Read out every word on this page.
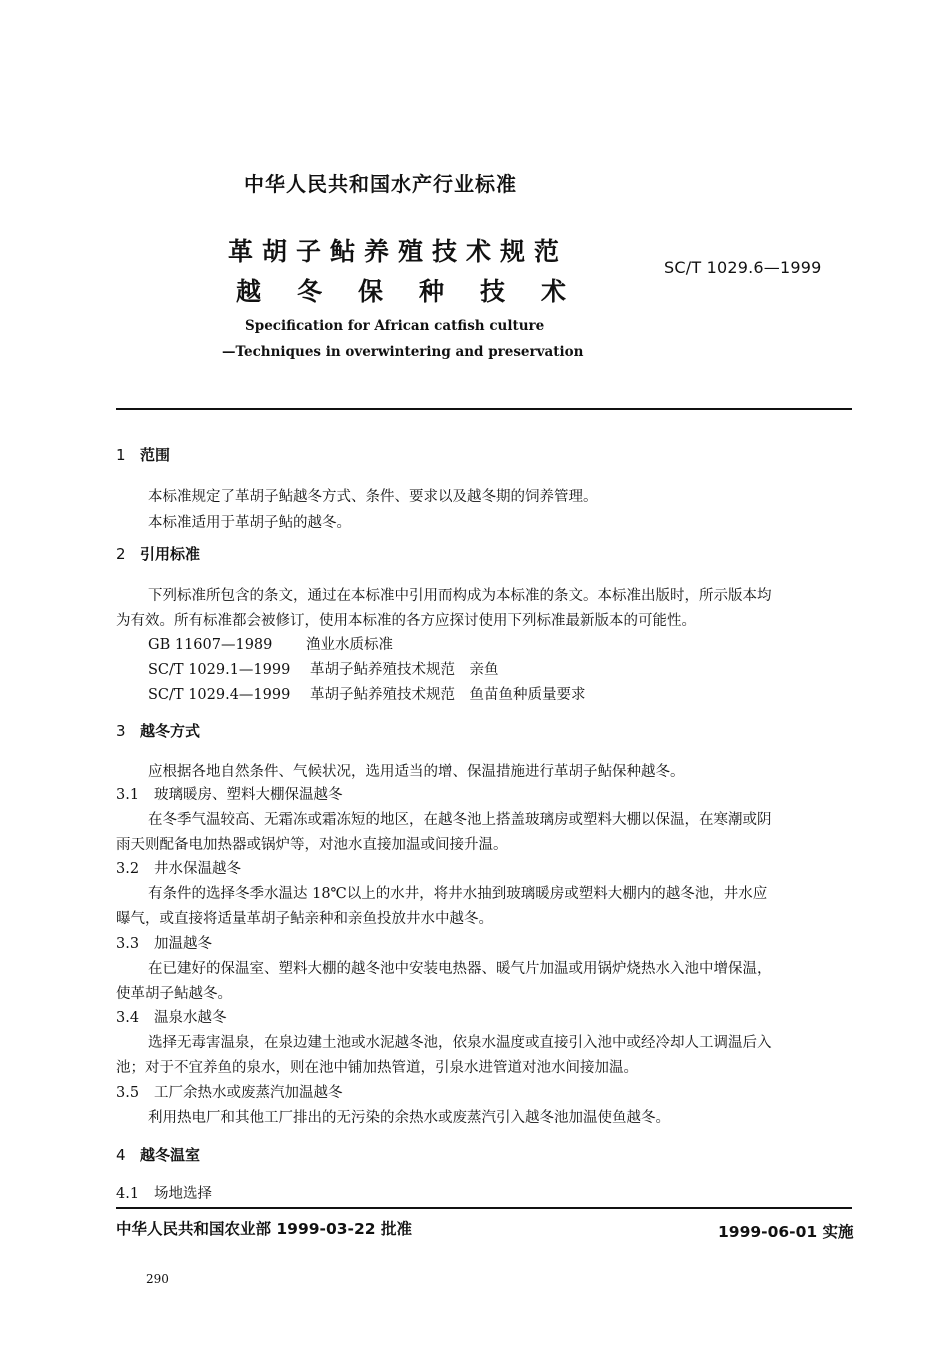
中华人民共和国水产行业标准
革胡子鲇养殖技术规范
越冬保种技术
SC/T 1029.6—1999
Specification for African catfish culture
—Techniques in overwintering and preservation
1 范围
本标准规定了革胡子鲇越冬方式、条件、要求以及越冬期的饲养管理。
本标准适用于革胡子鲇的越冬。
2 引用标准
下列标准所包含的条文，通过在本标准中引用而构成为本标准的条文。本标准出版时，所示版本均
为有效。所有标准都会被修订，使用本标准的各方应探讨使用下列标准最新版本的可能性。
GB 11607—1989 渔业水质标准
SC/T 1029.1—1999 革胡子鲇养殖技术规范　亲鱼
SC/T 1029.4—1999 革胡子鲇养殖技术规范　鱼苗鱼种质量要求
3 越冬方式
应根据各地自然条件、气候状况，选用适当的增、保温措施进行革胡子鲇保种越冬。
3.1 玻璃暖房、塑料大棚保温越冬
在冬季气温较高、无霜冻或霜冻短的地区，在越冬池上搭盖玻璃房或塑料大棚以保温，在寒潮或阴
雨天则配备电加热器或锅炉等，对池水直接加温或间接升温。
3.2 井水保温越冬
有条件的选择冬季水温达 18℃以上的水井，将井水抽到玻璃暖房或塑料大棚内的越冬池，井水应
曝气，或直接将适量革胡子鲇亲种和亲鱼投放井水中越冬。
3.3 加温越冬
在已建好的保温室、塑料大棚的越冬池中安装电热器、暖气片加温或用锅炉烧热水入池中增保温，
使革胡子鲇越冬。
3.4 温泉水越冬
选择无毒害温泉，在泉边建土池或水泥越冬池，依泉水温度或直接引入池中或经冷却人工调温后入
池；对于不宜养鱼的泉水，则在池中铺加热管道，引泉水进管道对池水间接加温。
3.5 工厂余热水或废蒸汽加温越冬
利用热电厂和其他工厂排出的无污染的余热水或废蒸汽引入越冬池加温使鱼越冬。
4 越冬温室
4.1 场地选择
中华人民共和国农业部 1999-03-22 批准	1999-06-01 实施
290
